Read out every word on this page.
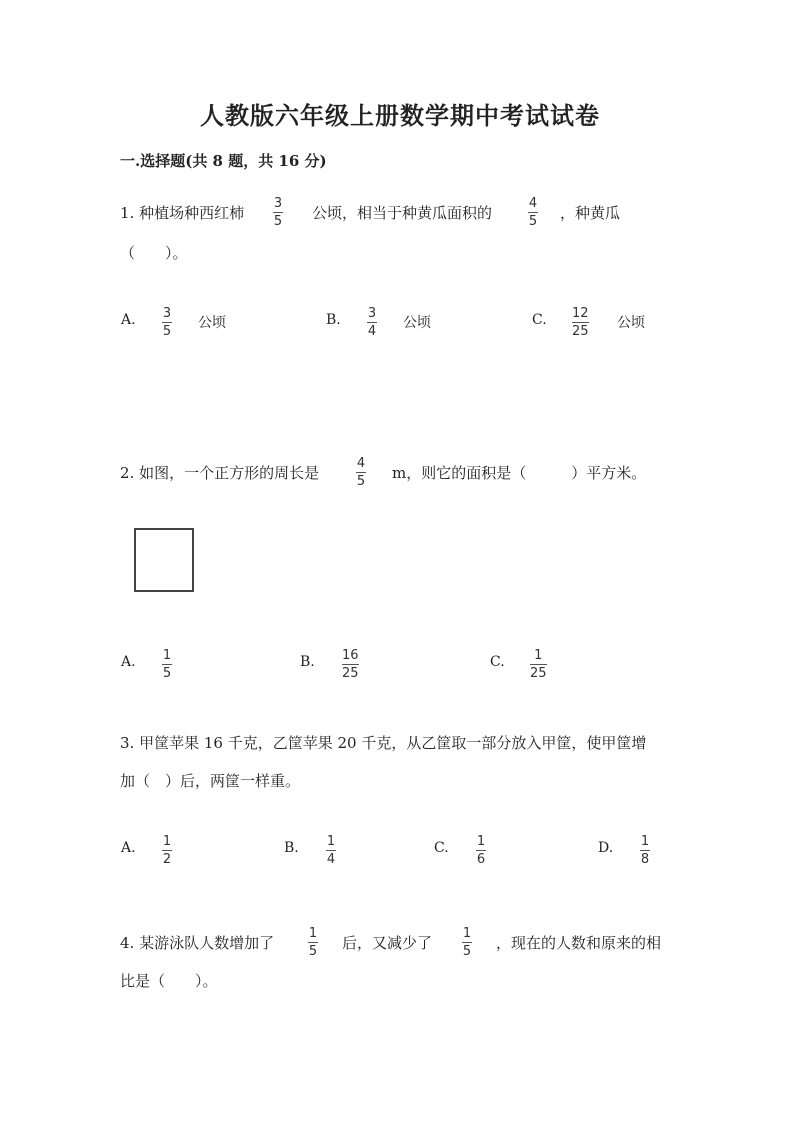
人教版六年级上册数学期中考试试卷
一.选择题(共 8 题，共 16 分)
1. 种植场种西红柿
3
5 公顷，相当于种黄瓜面积的
4
5 ，种黄瓜
（　　）。
A. 3
5
公顷	B. 3
4
公顷	C. 12
25
公顷
2. 如图，一个正方形的周长是
4
5 m，则它的面积是（　　　）平方米。
A. 1
5
B. 16
25
C. 1
25
3. 甲筐苹果 16 千克，乙筐苹果 20 千克，从乙筐取一部分放入甲筐，使甲筐增
加（　）后，两筐一样重。
A. 1
2
B. 1
4
C. 1
6
D. 1
8
4. 某游泳队人数增加了
1
5 后，又减少了
1
5 ，现在的人数和原来的相
比是（　　）。
